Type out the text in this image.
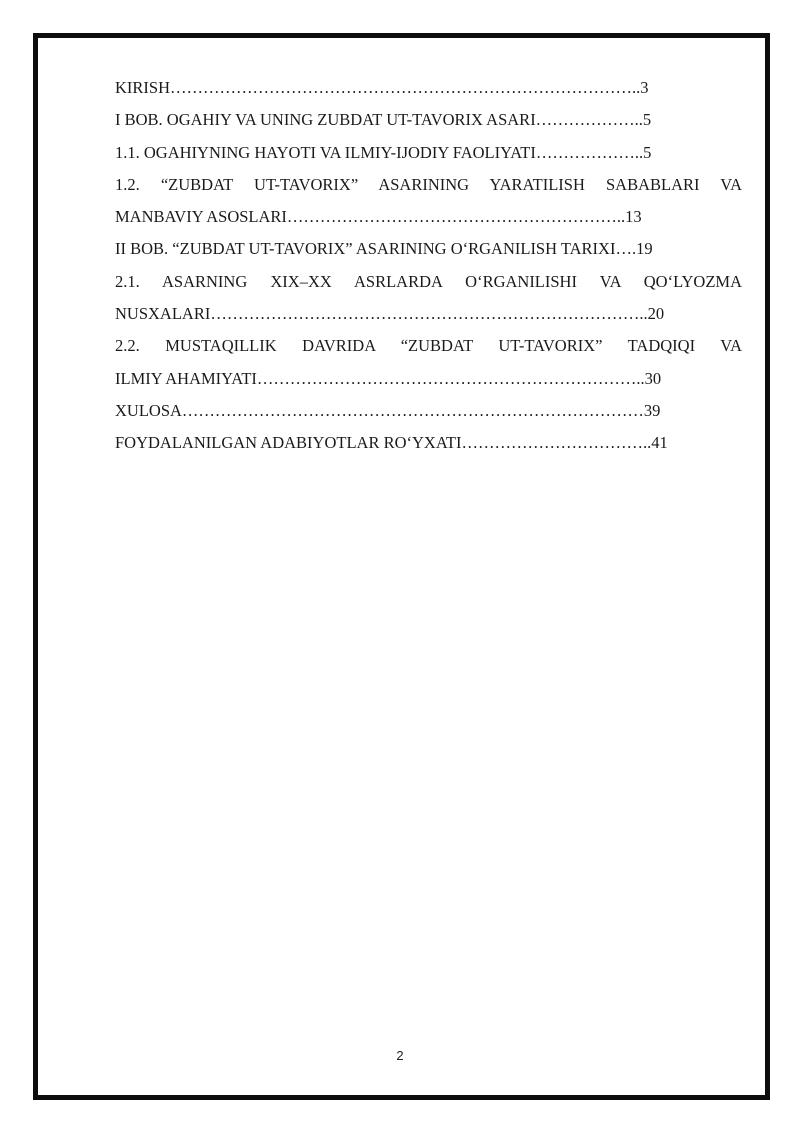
KIRISH…………………………………………………………………………..3
I BOB. OGAHIY VA UNING ZUBDAT UT-TAVORIX ASARI………………..5
1.1. OGAHIYNING HAYOTI VA ILMIY-IJODIY FAOLIYATI………………..5
1.2. “ZUBDAT UT-TAVORIX” ASARINING YARATILISH SABABLARI VA
MANBAVIY ASOSLARI……………………………………………………..13
II BOB. “ZUBDAT UT-TAVORIX” ASARINING O‘RGANILISH TARIXI….19
2.1. ASARNING XIX–XX ASRLARDA O‘RGANILISHI VA QO‘LYOZMA
NUSXALARI……………………………………………………………………..20
2.2. MUSTAQILLIK DAVRIDA “ZUBDAT UT-TAVORIX” TADQIQI VA
ILMIY AHAMIYATI……………………………………………………………..30
XULOSA…………………………………………………………………………39
FOYDALANILGAN ADABIYOTLAR RO‘YXATI……………………………..41
2
